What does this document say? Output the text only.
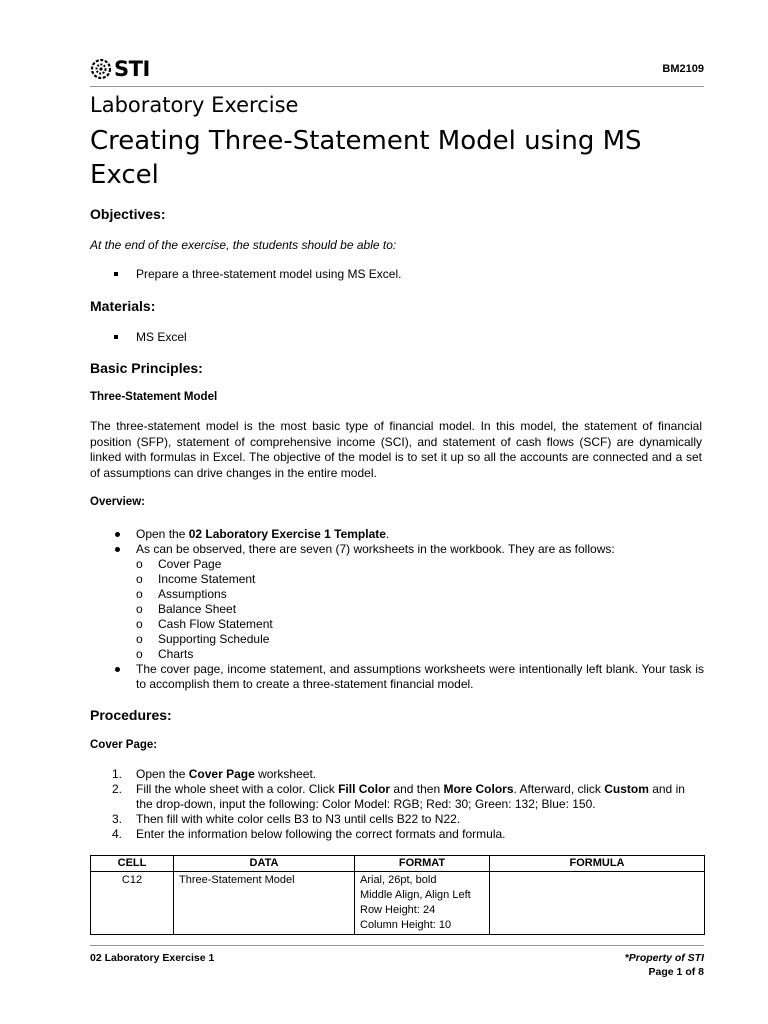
STI	BM2109
Laboratory Exercise
Creating Three-Statement Model using MS Excel
Objectives:
At the end of the exercise, the students should be able to:
Prepare a three-statement model using MS Excel.
Materials:
MS Excel
Basic Principles:
Three-Statement Model
The three-statement model is the most basic type of financial model. In this model, the statement of financial position (SFP), statement of comprehensive income (SCI), and statement of cash flows (SCF) are dynamically linked with formulas in Excel. The objective of the model is to set it up so all the accounts are connected and a set of assumptions can drive changes in the entire model.
Overview:
Open the 02 Laboratory Exercise 1 Template.
As can be observed, there are seven (7) worksheets in the workbook. They are as follows:
o	Cover Page
o	Income Statement
o	Assumptions
o	Balance Sheet
o	Cash Flow Statement
o	Supporting Schedule
o	Charts
The cover page, income statement, and assumptions worksheets were intentionally left blank. Your task is to accomplish them to create a three-statement financial model.
Procedures:
Cover Page:
1.	Open the Cover Page worksheet.
2.	Fill the whole sheet with a color. Click Fill Color and then More Colors. Afterward, click Custom and in the drop-down, input the following: Color Model: RGB; Red: 30; Green: 132; Blue: 150.
3.	Then fill with white color cells B3 to N3 until cells B22 to N22.
4.	Enter the information below following the correct formats and formula.
CELL	DATA	FORMAT	FORMULA
C12	Three-Statement Model	Arial, 26pt, bold
Middle Align, Align Left
Row Height: 24
Column Height: 10	

02 Laboratory Exercise 1	*Property of STI
Page 1 of 8
